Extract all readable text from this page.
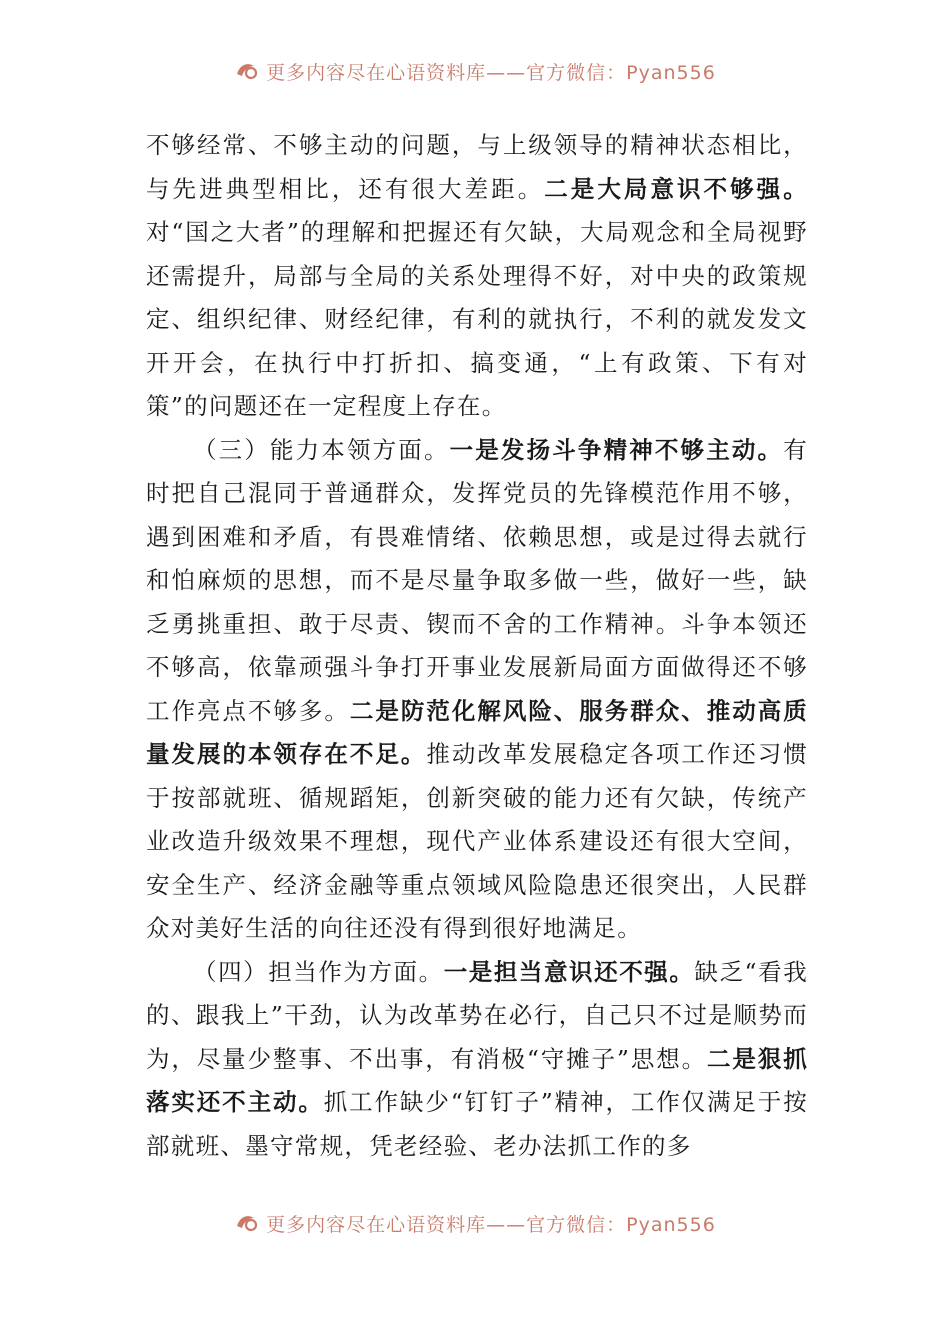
更多内容尽在心语资料库——官方微信：Pyan556

不够经常、不够主动的问题，与上级领导的精神状态相比，与先进典型相比，还有很大差距。二是大局意识不够强。对“国之大者”的理解和把握还有欠缺，大局观念和全局视野还需提升，局部与全局的关系处理得不好，对中央的政策规定、组织纪律、财经纪律，有利的就执行，不利的就发发文开开会，在执行中打折扣、搞变通，“上有政策、下有对策”的问题还在一定程度上存在。

（三）能力本领方面。一是发扬斗争精神不够主动。有时把自己混同于普通群众，发挥党员的先锋模范作用不够，遇到困难和矛盾，有畏难情绪、依赖思想，或是过得去就行和怕麻烦的思想，而不是尽量争取多做一些，做好一些，缺乏勇挑重担、敢于尽责、锲而不舍的工作精神。斗争本领还不够高，依靠顽强斗争打开事业发展新局面方面做得还不够工作亮点不够多。二是防范化解风险、服务群众、推动高质量发展的本领存在不足。推动改革发展稳定各项工作还习惯于按部就班、循规蹈矩，创新突破的能力还有欠缺，传统产业改造升级效果不理想，现代产业体系建设还有很大空间，安全生产、经济金融等重点领域风险隐患还很突出，人民群众对美好生活的向往还没有得到很好地满足。

（四）担当作为方面。一是担当意识还不强。缺乏“看我的、跟我上”干劲，认为改革势在必行，自己只不过是顺势而为，尽量少整事、不出事，有消极“守摊子”思想。二是狠抓落实还不主动。抓工作缺少“钉钉子”精神，工作仅满足于按部就班、墨守常规，凭老经验、老办法抓工作的多

更多内容尽在心语资料库——官方微信：Pyan556
